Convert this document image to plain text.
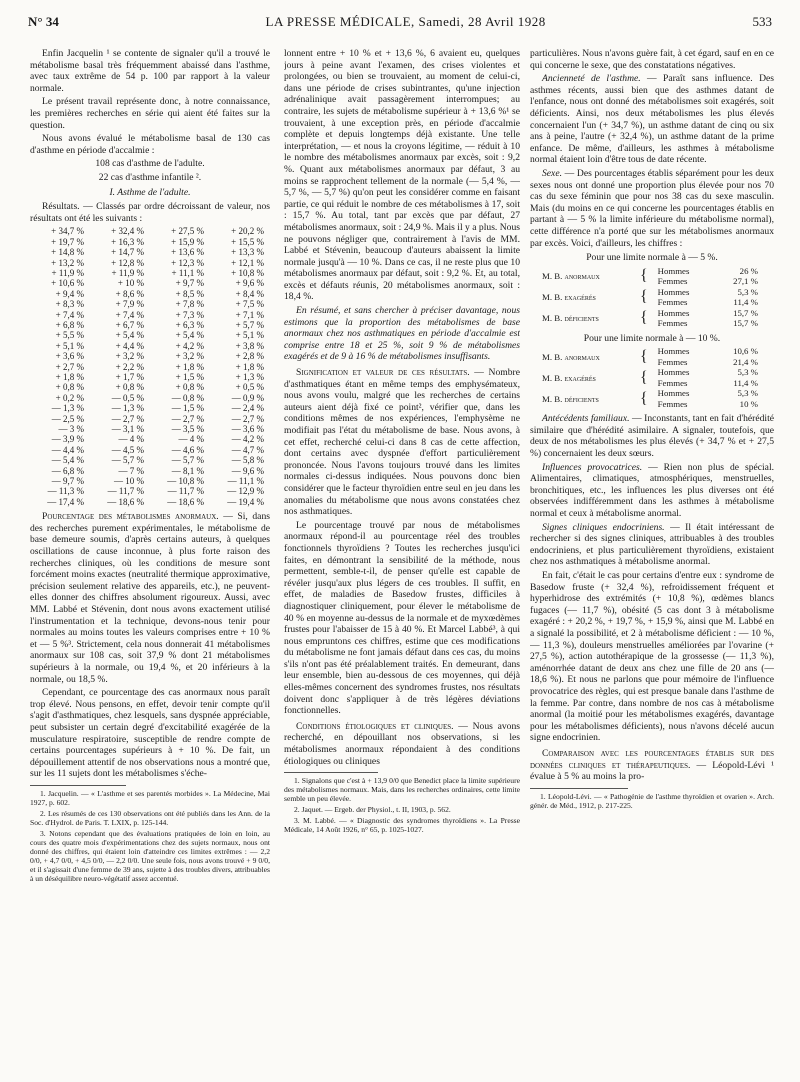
N° 34	LA PRESSE MÉDICALE, Samedi, 28 Avril 1928	533

Enfin Jacquelin ¹ se contente de signaler qu'il a trouvé le métabolisme basal très fréquemment abaissé dans l'asthme, avec taux extrême de 54 p. 100 par rapport à la valeur normale.

Le présent travail représente donc, à notre connaissance, les premières recherches en série qui aient été faites sur la question.

Nous avons évalué le métabolisme basal de 130 cas d'asthme en période d'accalmie :

108 cas d'asthme de l'adulte.

22 cas d'asthme infantile ².

I. Asthme de l'adulte.

Résultats. — Classés par ordre décroissant de valeur, nos résultats ont été les suivants :

+ 34,7 %	+ 32,4 %	+ 27,5 %	+ 20,2 %
+ 19,7 %	+ 16,3 %	+ 15,9 %	+ 15,5 %
+ 14,8 %	+ 14,7 %	+ 13,6 %	+ 13,3 %
+ 13,2 %	+ 12,8 %	+ 12,3 %	+ 12,1 %
+ 11,9 %	+ 11,9 %	+ 11,1 %	+ 10,8 %
+ 10,6 %	+ 10 %	+ 9,7 %	+ 9,6 %
+ 9,4 %	+ 8,6 %	+ 8,5 %	+ 8,4 %
+ 8,3 %	+ 7,9 %	+ 7,8 %	+ 7,5 %
+ 7,4 %	+ 7,4 %	+ 7,3 %	+ 7,1 %
+ 6,8 %	+ 6,7 %	+ 6,3 %	+ 5,7 %
+ 5,5 %	+ 5,4 %	+ 5,4 %	+ 5,1 %
+ 5,1 %	+ 4,4 %	+ 4,2 %	+ 3,8 %
+ 3,6 %	+ 3,2 %	+ 3,2 %	+ 2,8 %
+ 2,7 %	+ 2,2 %	+ 1,8 %	+ 1,8 %
+ 1,8 %	+ 1,7 %	+ 1,5 %	+ 1,3 %
+ 0,8 %	+ 0,8 %	+ 0,8 %	+ 0,5 %
+ 0,2 %	— 0,5 %	— 0,8 %	— 0,9 %
— 1,3 %	— 1,3 %	— 1,5 %	— 2,4 %
— 2,5 %	— 2,7 %	— 2,7 %	— 2,7 %
— 3 %	— 3,1 %	— 3,5 %	— 3,6 %
— 3,9 %	— 4 %	— 4 %	— 4,2 %
— 4,4 %	— 4,5 %	— 4,6 %	— 4,7 %
— 5,4 %	— 5,7 %	— 5,7 %	— 5,8 %
— 6,8 %	— 7 %	— 8,1 %	— 9,6 %
— 9,7 %	— 10 %	— 10,8 %	— 11,1 %
— 11,3 %	— 11,7 %	— 11,7 %	— 12,9 %
— 17,4 %	— 18,6 %	— 18,6 %	— 19,4 %

Pourcentage des métabolismes anormaux. — Si, dans des recherches purement expérimentales, le métabolisme de base demeure soumis, d'après certains auteurs, à quelques oscillations de cause inconnue, à plus forte raison des recherches cliniques, où les conditions de mesure sont forcément moins exactes (neutralité thermique approximative, précision seulement relative des appareils, etc.), ne peuvent-elles donner des chiffres absolument rigoureux. Aussi, avec MM. Labbé et Stévenin, dont nous avons exactement utilisé l'instrumentation et la technique, devons-nous tenir pour normales au moins toutes les valeurs comprises entre + 10 % et — 5 %³. Strictement, cela nous donnerait 41 métabolismes anormaux sur 108 cas, soit 37,9 % dont 21 métabolismes supérieurs à la normale, ou 19,4 %, et 20 inférieurs à la normale, ou 18,5 %.

Cependant, ce pourcentage des cas anormaux nous paraît trop élevé. Nous pensons, en effet, devoir tenir compte qu'il s'agit d'asthmatiques, chez lesquels, sans dyspnée appréciable, peut subsister un certain degré d'excitabilité exagérée de la musculature respiratoire, susceptible de rendre compte de certains pourcentages supérieurs à + 10 %. De fait, un dépouillement attentif de nos observations nous a montré que, sur les 11 sujets dont les métabolismes s'éche-

1. Jacquelin. — « L'asthme et ses parentés morbides ». La Médecine, Mai 1927, p. 602.

2. Les résumés de ces 130 observations ont été publiés dans les Ann. de la Soc. d'Hydrol. de Paris. T. LXIX, p. 125-144.

3. Notons cependant que des évaluations pratiquées de loin en loin, au cours des quatre mois d'expérimentations chez des sujets normaux, nous ont donné des chiffres, qui étaient loin d'atteindre ces limites extrêmes : — 2,2 0/0, + 4,7 0/0, + 4,5 0/0, — 2,2 0/0. Une seule fois, nous avons trouvé + 9 0/0, et il s'agissait d'une femme de 39 ans, sujette à des troubles divers, attribuables à un déséquilibre neuro-végétatif assez accentué.

lonnent entre + 10 % et + 13,6 %, 6 avaient eu, quelques jours à peine avant l'examen, des crises violentes et prolongées, ou bien se trouvaient, au moment de celui-ci, dans une période de crises subintrantes, qu'une injection adrénalinique avait passagèrement interrompues; au contraire, les sujets de métabolisme supérieur à + 13,6 %¹ se trouvaient, à une exception près, en période d'accalmie complète et depuis longtemps déjà existante. Une telle interprétation, — et nous la croyons légitime, — réduit à 10 le nombre des métabolismes anormaux par excès, soit : 9,2 %. Quant aux métabolismes anormaux par défaut, 3 au moins se rapprochent tellement de la normale (— 5,4 %, — 5,7 %, — 5,7 %) qu'on peut les considérer comme en faisant partie, ce qui réduit le nombre de ces métabolismes à 17, soit : 15,7 %. Au total, tant par excès que par défaut, 27 métabolismes anormaux, soit : 24,9 %. Mais il y a plus. Nous ne pouvons négliger que, contrairement à l'avis de MM. Labbé et Stévenin, beaucoup d'auteurs abaissent la limite normale jusqu'à — 10 %. Dans ce cas, il ne reste plus que 10 métabolismes anormaux par défaut, soit : 9,2 %. Et, au total, excès et défauts réunis, 20 métabolismes anormaux, soit : 18,4 %.

En résumé, et sans chercher à préciser davantage, nous estimons que la proportion des métabolismes de base anormaux chez nos asthmatiques en période d'accalmie est comprise entre 18 et 25 %, soit 9 % de métabolismes exagérés et de 9 à 16 % de métabolismes insuffisants.

Signification et valeur de ces résultats. — Nombre d'asthmatiques étant en même temps des emphysémateux, nous avons voulu, malgré que les recherches de certains auteurs aient déjà fixé ce point², vérifier que, dans les conditions mêmes de nos expériences, l'emphysème ne modifiait pas l'état du métabolisme de base. Nous avons, à cet effet, recherché celui-ci dans 8 cas de cette affection, dont certains avec dyspnée d'effort particulièrement prononcée. Nous l'avons toujours trouvé dans les limites normales ci-dessus indiquées. Nous pouvons donc bien considérer que le facteur thyroïdien entre seul en jeu dans les anomalies du métabolisme que nous avons constatées chez nos asthmatiques.

Le pourcentage trouvé par nous de métabolismes anormaux répond-il au pourcentage réel des troubles fonctionnels thyroïdiens ? Toutes les recherches jusqu'ici faites, en démontrant la sensibilité de la méthode, nous permettent, semble-t-il, de penser qu'elle est capable de révéler jusqu'aux plus légers de ces troubles. Il suffit, en effet, de maladies de Basedow frustes, difficiles à diagnostiquer cliniquement, pour élever le métabolisme de 40 % en moyenne au-dessus de la normale et de myxœdèmes frustes pour l'abaisser de 15 à 40 %. Et Marcel Labbé³, à qui nous empruntons ces chiffres, estime que ces modifications du métabolisme ne font jamais défaut dans ces cas, du moins s'ils n'ont pas été préalablement traités. En demeurant, dans leur ensemble, bien au-dessous de ces moyennes, qui déjà elles-mêmes concernent des syndromes frustes, nos résultats doivent donc s'appliquer à de très légères déviations fonctionnelles.

Conditions étiologiques et cliniques. — Nous avons recherché, en dépouillant nos observations, si les métabolismes anormaux répondaient à des conditions étiologiques ou cliniques

1. Signalons que c'est à + 13,9 0/0 que Benedict place la limite supérieure des métabolismes normaux. Mais, dans les recherches ordinaires, cette limite semble un peu élevée.

2. Jaquet. — Ergeb. der Physiol., t. II, 1903, p. 562.

3. M. Labbé. — « Diagnostic des syndromes thyroïdiens ». La Presse Médicale, 14 Août 1926, n° 65, p. 1025-1027.

particulières. Nous n'avons guère fait, à cet égard, sauf en en ce qui concerne le sexe, que des constatations négatives.

Ancienneté de l'asthme. — Paraît sans influence. Des asthmes récents, aussi bien que des asthmes datant de l'enfance, nous ont donné des métabolismes soit exagérés, soit déficients. Ainsi, nos deux métabolismes les plus élevés concernaient l'un (+ 34,7 %), un asthme datant de cinq ou six ans à peine, l'autre (+ 32,4 %), un asthme datant de la prime enfance. De même, d'ailleurs, les asthmes à métabolisme normal étaient loin d'être tous de date récente.

Sexe. — Des pourcentages établis séparément pour les deux sexes nous ont donné une proportion plus élevée pour nos 70 cas du sexe féminin que pour nos 38 cas du sexe masculin. Mais (du moins en ce qui concerne les pourcentages établis en partant à — 5 % la limite inférieure du métabolisme normal), cette différence n'a porté que sur les métabolismes anormaux par excès. Voici, d'ailleurs, les chiffres :

Pour une limite normale à — 5 %.

M. B. anormaux	{	Hommes	26 %
		Femmes	27,1 %
M. B. exagérés	{	Hommes	5,3 %
		Femmes	11,4 %
M. B. déficients	{	Hommes	15,7 %
		Femmes	15,7 %

Pour une limite normale à — 10 %.

M. B. anormaux	{	Hommes	10,6 %
		Femmes	21,4 %
M. B. exagérés	{	Hommes	5,3 %
		Femmes	11,4 %
M. B. déficients	{	Hommes	5,3 %
		Femmes	10 %

Antécédents familiaux. — Inconstants, tant en fait d'hérédité similaire que d'hérédité asimilaire. A signaler, toutefois, que deux de nos métabolismes les plus élevés (+ 34,7 % et + 27,5 %) concernaient les deux sœurs.

Influences provocatrices. — Rien non plus de spécial. Alimentaires, climatiques, atmosphériques, menstruelles, bronchitiques, etc., les influences les plus diverses ont été observées indifféremment dans les asthmes à métabolisme normal et ceux à métabolisme anormal.

Signes cliniques endocriniens. — Il était intéressant de rechercher si des signes cliniques, attribuables à des troubles endocriniens, et plus particulièrement thyroïdiens, existaient chez nos asthmatiques à métabolisme anormal.

En fait, c'était le cas pour certains d'entre eux : syndrome de Basedow fruste (+ 32,4 %), refroidissement fréquent et hyperhidrose des extrémités (+ 10,8 %), œdèmes blancs fugaces (— 11,7 %), obésité (5 cas dont 3 à métabolisme exagéré : + 20,2 %, + 19,7 %, + 15,9 %, ainsi que M. Labbé en a signalé la possibilité, et 2 à métabolisme déficient : — 10 %, — 11,3 %), douleurs menstruelles améliorées par l'ovarine (+ 27,5 %), action autothérapique de la grossesse (— 11,3 %), aménorrhée datant de deux ans chez une fille de 20 ans (— 18,6 %). Et nous ne parlons que pour mémoire de l'influence provocatrice des règles, qui est presque banale dans l'asthme de la femme. Par contre, dans nombre de nos cas à métabolisme anormal (la moitié pour les métabolismes exagérés, davantage pour les métabolismes déficients), nous n'avons décelé aucun signe endocrinien.

Comparaison avec les pourcentages établis sur des données cliniques et thérapeutiques. — Léopold-Lévi ¹ évalue à 5 % au moins la pro-

1. Léopold-Lévi. — « Pathogénie de l'asthme thyroïdien et ovarien ». Arch. génér. de Méd., 1912, p. 217-225.
